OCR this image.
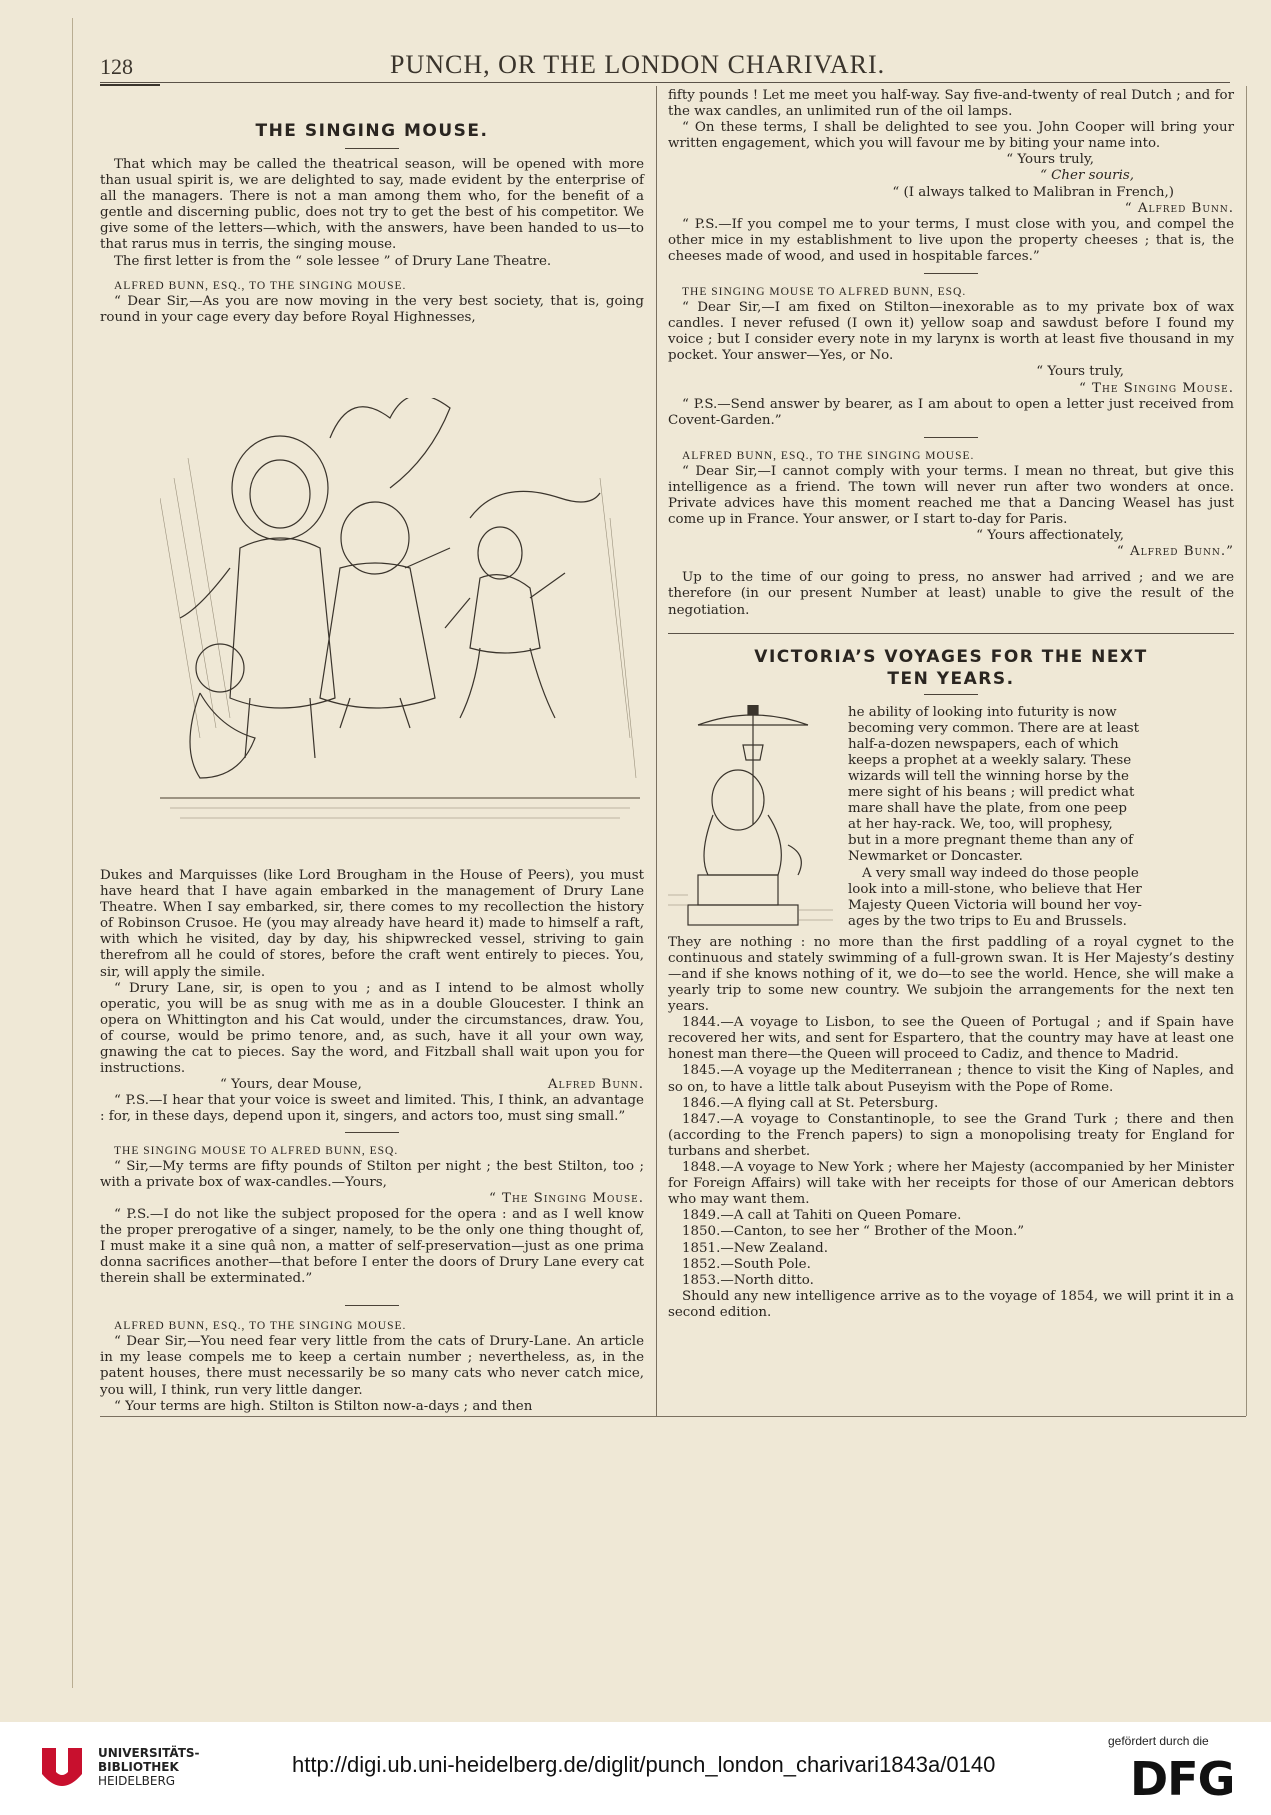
128	PUNCH, OR THE LONDON CHARIVARI.
THE SINGING MOUSE.

That which may be called the theatrical season, will be opened with more than usual spirit is, we are delighted to say, made evident by the enterprise of all the managers. There is not a man among them who, for the benefit of a gentle and discerning public, does not try to get the best of his competitor. We give some of the letters—which, with the answers, have been handed to us—to that rarus mus in terris, the singing mouse.

The first letter is from the “ sole lessee ” of Drury Lane Theatre.

ALFRED BUNN, ESQ., TO THE SINGING MOUSE.

“ Dear Sir,—As you are now moving in the very best society, that is, going round in your cage every day before Royal Highnesses,

Dukes and Marquisses (like Lord Brougham in the House of Peers), you must have heard that I have again embarked in the management of Drury Lane Theatre. When I say embarked, sir, there comes to my recollection the history of Robinson Crusoe. He (you may already have heard it) made to himself a raft, with which he visited, day by day, his shipwrecked vessel, striving to gain therefrom all he could of stores, before the craft went entirely to pieces. You, sir, will apply the simile.

“ Drury Lane, sir, is open to you ; and as I intend to be almost wholly operatic, you will be as snug with me as in a double Gloucester. I think an opera on Whittington and his Cat would, under the circumstances, draw. You, of course, would be primo tenore, and, as such, have it all your own way, gnawing the cat to pieces. Say the word, and Fitzball shall wait upon you for instructions.

“ Yours, dear Mouse,	Alfred Bunn.

“ P.S.—I hear that your voice is sweet and limited. This, I think, an advantage : for, in these days, depend upon it, singers, and actors too, must sing small.”

THE SINGING MOUSE TO ALFRED BUNN, ESQ.

“ Sir,—My terms are fifty pounds of Stilton per night ; the best Stilton, too ; with a private box of wax-candles.—Yours,

“ The Singing Mouse.

“ P.S.—I do not like the subject proposed for the opera : and as I well know the proper prerogative of a singer, namely, to be the only one thing thought of, I must make it a sine quâ non, a matter of self-preservation—just as one prima donna sacrifices another—that before I enter the doors of Drury Lane every cat therein shall be exterminated.”

ALFRED BUNN, ESQ., TO THE SINGING MOUSE.

“ Dear Sir,—You need fear very little from the cats of Drury-Lane. An article in my lease compels me to keep a certain number ; nevertheless, as, in the patent houses, there must necessarily be so many cats who never catch mice, you will, I think, run very little danger.

“ Your terms are high. Stilton is Stilton now-a-days ; and then

fifty pounds ! Let me meet you half-way. Say five-and-twenty of real Dutch ; and for the wax candles, an unlimited run of the oil lamps.

“ On these terms, I shall be delighted to see you. John Cooper will bring your written engagement, which you will favour me by biting your name into.

“ Yours truly,

“ Cher souris,

“ (I always talked to Malibran in French,)

“ Alfred Bunn.

“ P.S.—If you compel me to your terms, I must close with you, and compel the other mice in my establishment to live upon the property cheeses ; that is, the cheeses made of wood, and used in hospitable farces.”

THE SINGING MOUSE TO ALFRED BUNN, ESQ.

“ Dear Sir,—I am fixed on Stilton—inexorable as to my private box of wax candles. I never refused (I own it) yellow soap and sawdust before I found my voice ; but I consider every note in my larynx is worth at least five thousand in my pocket. Your answer—Yes, or No.

“ Yours truly,

“ The Singing Mouse.

“ P.S.—Send answer by bearer, as I am about to open a letter just received from Covent-Garden.”

ALFRED BUNN, ESQ., TO THE SINGING MOUSE.

“ Dear Sir,—I cannot comply with your terms. I mean no threat, but give this intelligence as a friend. The town will never run after two wonders at once. Private advices have this moment reached me that a Dancing Weasel has just come up in France. Your answer, or I start to-day for Paris.

“ Yours affectionately,

“ Alfred Bunn.”

Up to the time of our going to press, no answer had arrived ; and we are therefore (in our present Number at least) unable to give the result of the negotiation.

VICTORIA’S VOYAGES FOR THE NEXT
TEN YEARS.
he ability of looking into futurity is now
becoming very common. There are at least
half-a-dozen newspapers, each of which
keeps a prophet at a weekly salary. These
wizards will tell the winning horse by the
mere sight of his beans ; will predict what
mare shall have the plate, from one peep
at her hay-rack. We, too, will prophesy,
but in a more pregnant theme than any of
Newmarket or Doncaster.
A very small way indeed do those people
look into a mill-stone, who believe that Her
Majesty Queen Victoria will bound her voy-
ages by the two trips to Eu and Brussels.

They are nothing : no more than the first paddling of a royal cygnet to the continuous and stately swimming of a full-grown swan. It is Her Majesty’s destiny—and if she knows nothing of it, we do—to see the world. Hence, she will make a yearly trip to some new country. We subjoin the arrangements for the next ten years.

1844.—A voyage to Lisbon, to see the Queen of Portugal ; and if Spain have recovered her wits, and sent for Espartero, that the country may have at least one honest man there—the Queen will proceed to Cadiz, and thence to Madrid.

1845.—A voyage up the Mediterranean ; thence to visit the King of Naples, and so on, to have a little talk about Puseyism with the Pope of Rome.

1846.—A flying call at St. Petersburg.

1847.—A voyage to Constantinople, to see the Grand Turk ; there and then (according to the French papers) to sign a monopolising treaty for England for turbans and sherbet.

1848.—A voyage to New York ; where her Majesty (accompanied by her Minister for Foreign Affairs) will take with her receipts for those of our American debtors who may want them.

1849.—A call at Tahiti on Queen Pomare.

1850.—Canton, to see her “ Brother of the Moon.”

1851.—New Zealand.

1852.—South Pole.

1853.—North ditto.

Should any new intelligence arrive as to the voyage of 1854, we will print it in a second edition.

UNIVERSITÄTS-
BIBLIOTHEK
HEIDELBERG
http://digi.ub.uni-heidelberg.de/diglit/punch_london_charivari1843a/0140
gefördert durch die
DFG
